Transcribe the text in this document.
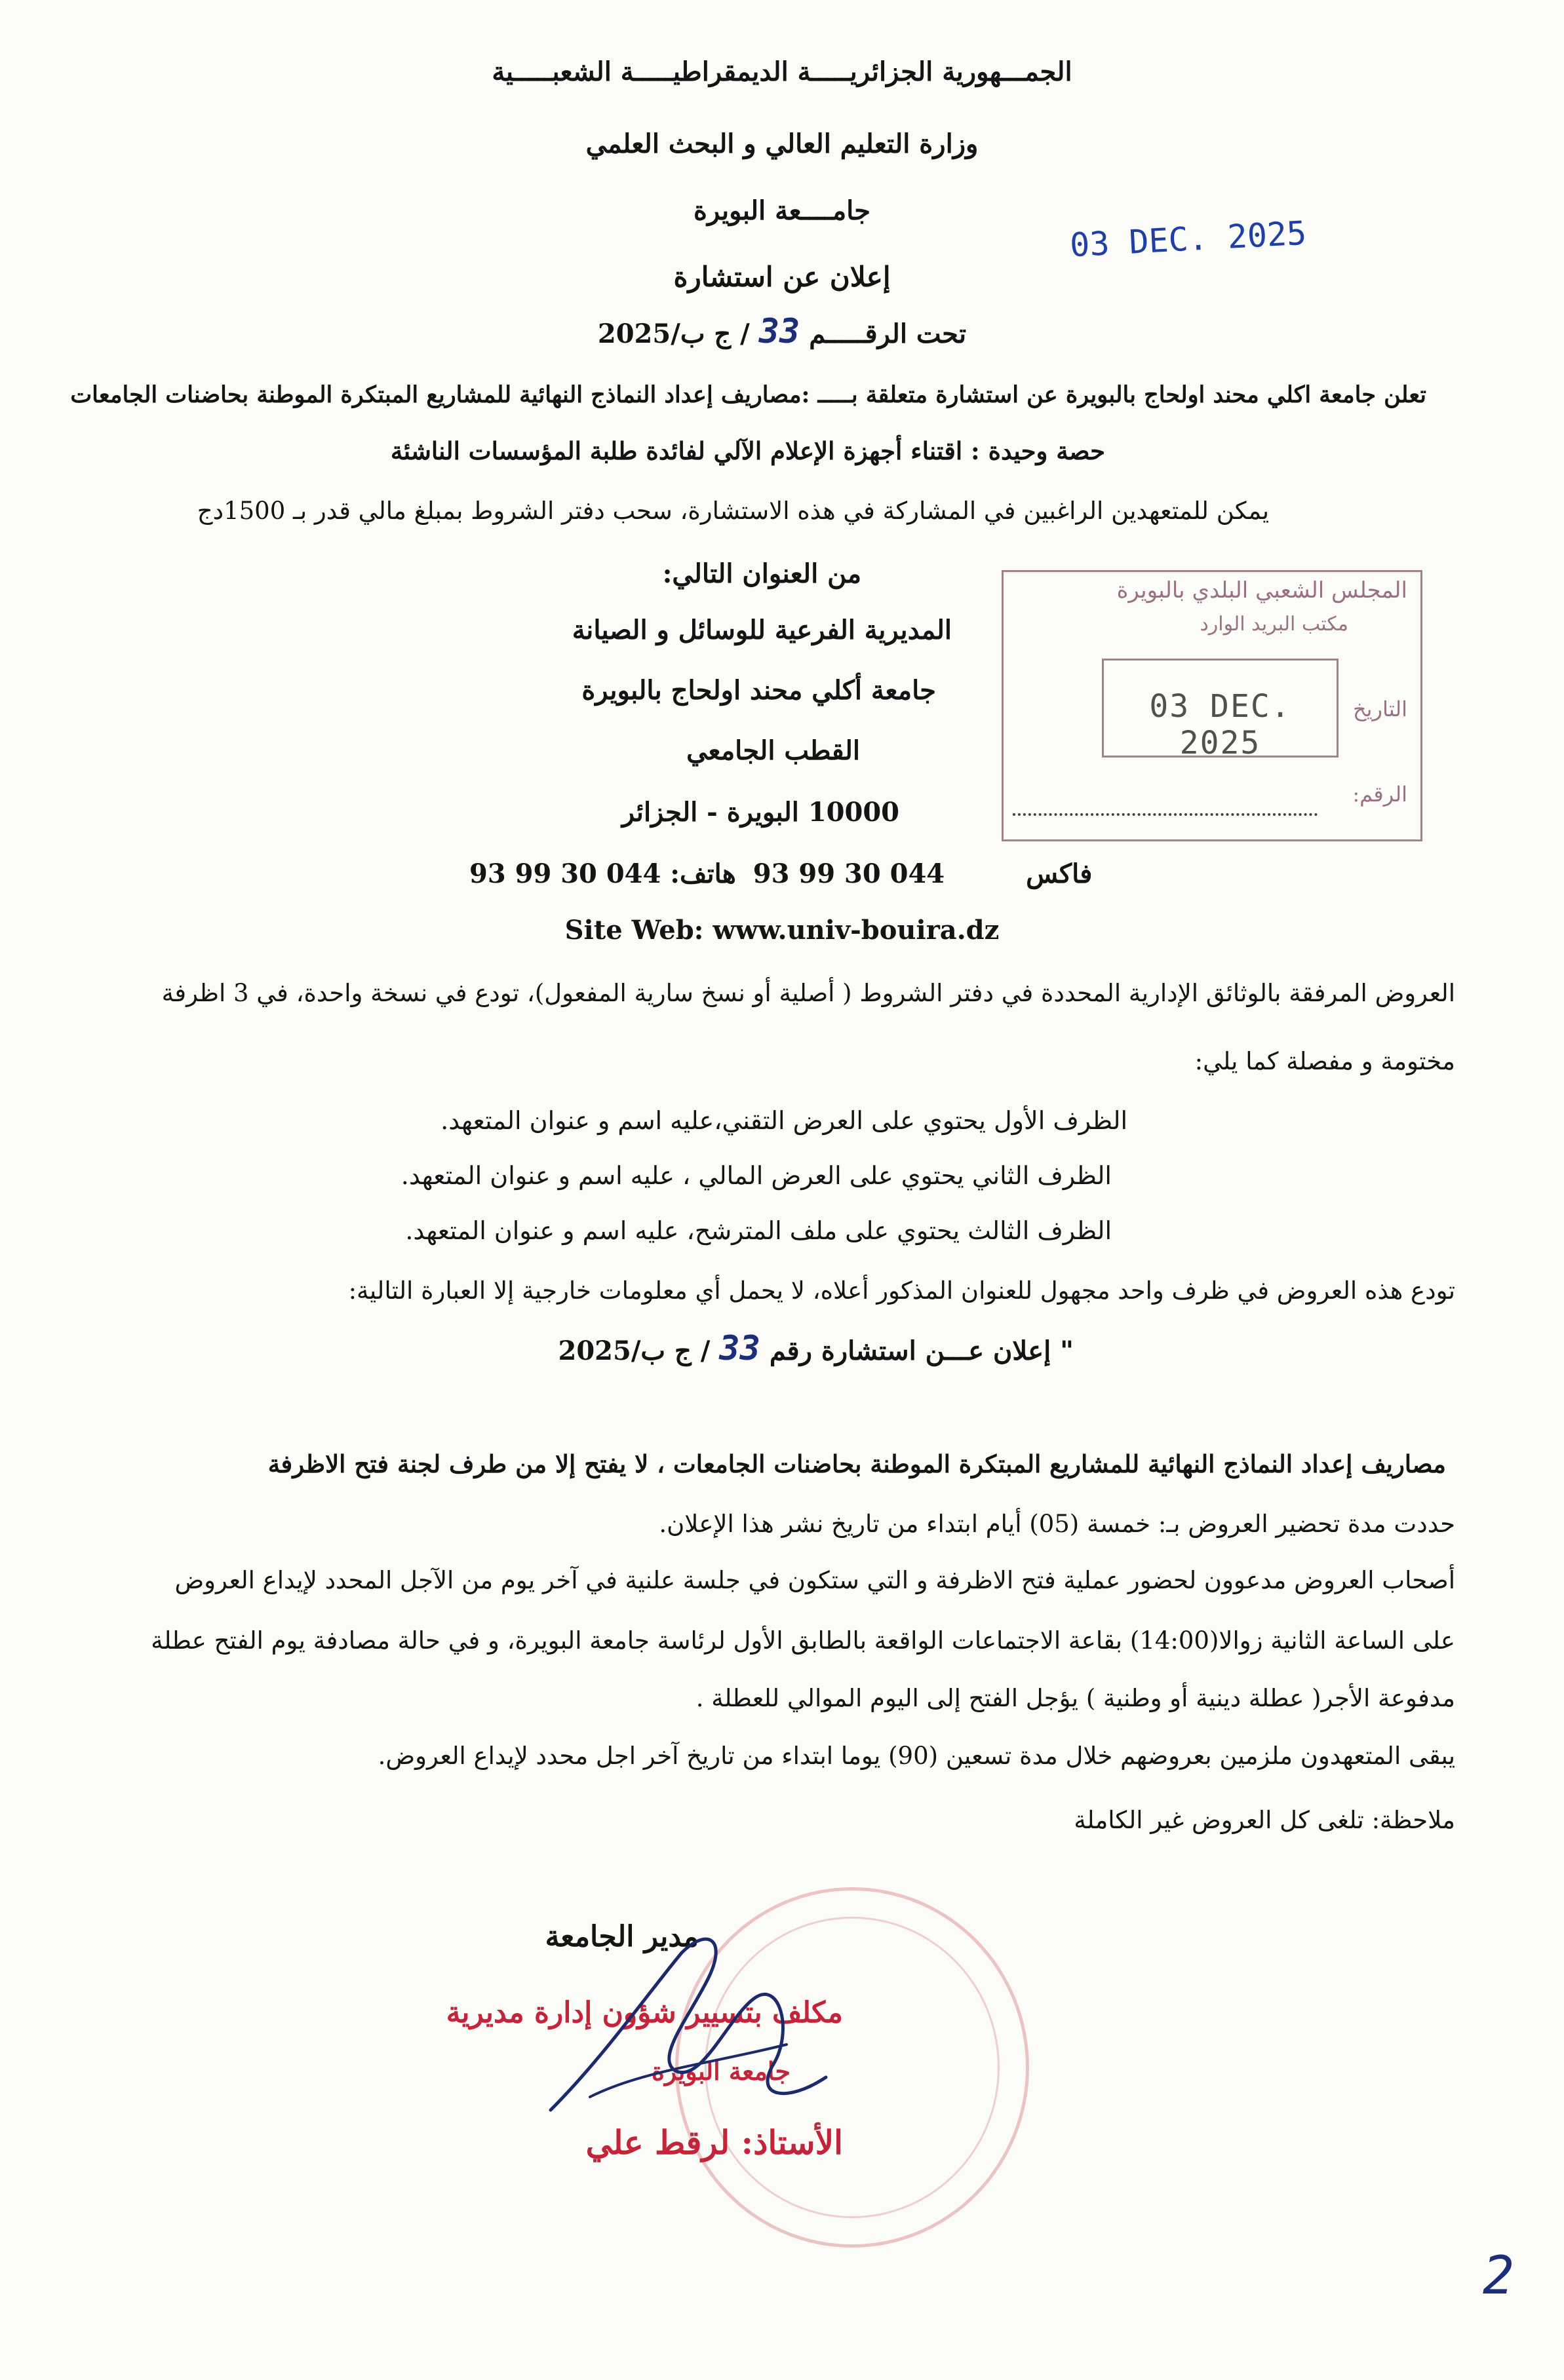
الجمـــهورية الجزائريـــــة الديمقراطيـــــة الشعبـــــية
وزارة التعليم العالي و البحث العلمي
جامــــعة البويرة
إعلان عن استشارة
03 DEC. 2025
تحت الرقـــــم 33 / ج ب/2025
تعلن جامعة اكلي محند اولحاج بالبويرة عن استشارة متعلقة بـــــ :مصاريف إعداد النماذج النهائية للمشاريع المبتكرة الموطنة بحاضنات الجامعات
حصة وحيدة : اقتناء أجهزة الإعلام الآلي لفائدة طلبة المؤسسات الناشئة
يمكن للمتعهدين الراغبين في المشاركة في هذه الاستشارة، سحب دفتر الشروط بمبلغ مالي قدر بـ 1500دج
من العنوان التالي:
المديرية الفرعية للوسائل و الصيانة
جامعة أكلي محند اولحاج بالبويرة
القطب الجامعي
10000 البويرة - الجزائر
فاكس 044 30 99 93 هاتف: 044 30 99 93
Site Web: www.univ-bouira.dz
المجلس الشعبي البلدي بالبويرة
مكتب البريد الوارد
التاريخ
03 DEC. 2025
الرقم:
العروض المرفقة بالوثائق الإدارية المحددة في دفتر الشروط ( أصلية أو نسخ سارية المفعول)، تودع في نسخة واحدة، في 3 اظرفة
مختومة و مفصلة كما يلي:
الظرف الأول يحتوي على العرض التقني،عليه اسم و عنوان المتعهد.
الظرف الثاني يحتوي على العرض المالي ، عليه اسم و عنوان المتعهد.
الظرف الثالث يحتوي على ملف المترشح، عليه اسم و عنوان المتعهد.
تودع هذه العروض في ظرف واحد مجهول للعنوان المذكور أعلاه، لا يحمل أي معلومات خارجية إلا العبارة التالية:
" إعلان عـــن استشارة رقم 33 / ج ب/2025
مصاريف إعداد النماذج النهائية للمشاريع المبتكرة الموطنة بحاضنات الجامعات ، لا يفتح إلا من طرف لجنة فتح الاظرفة
حددت مدة تحضير العروض بـ: خمسة (05) أيام ابتداء من تاريخ نشر هذا الإعلان.
أصحاب العروض مدعوون لحضور عملية فتح الاظرفة و التي ستكون في جلسة علنية في آخر يوم من الآجل المحدد لإيداع العروض
على الساعة الثانية زوالا(14:00) بقاعة الاجتماعات الواقعة بالطابق الأول لرئاسة جامعة البويرة، و في حالة مصادفة يوم الفتح عطلة
مدفوعة الأجر( عطلة دينية أو وطنية ) يؤجل الفتح إلى اليوم الموالي للعطلة .
يبقى المتعهدون ملزمين بعروضهم خلال مدة تسعين (90) يوما ابتداء من تاريخ آخر اجل محدد لإيداع العروض.
ملاحظة: تلغى كل العروض غير الكاملة
مدير الجامعة
مكلف بتسيير شؤون إدارة مديرية
جامعة البويرة
الأستاذ: لرقط علي
2
